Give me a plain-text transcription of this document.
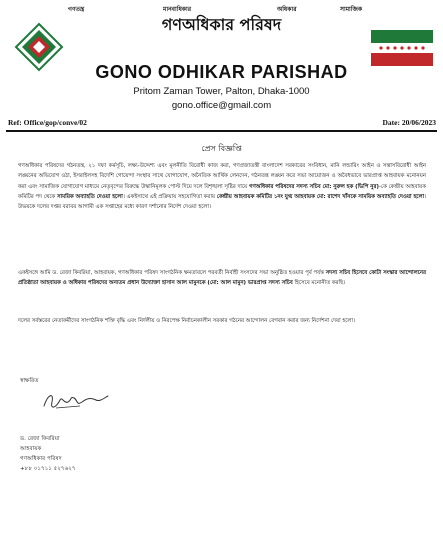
গণতন্ত্র	মানবাধিকার	অধিকার	সামাজিক
গণঅধিকার পরিষদ
GONO ODHIKAR PARISHAD
Pritom Zaman Tower, Palton, Dhaka-1000
gono.office@gmail.com
Ref: Office/gop/conve/02	Date: 20/06/2023
প্রেস বিজ্ঞপ্তি
গণঅধিকার পরিষদের গঠনতন্ত্র, ২১ দফা কর্মসূচি, লক্ষ্য-উদ্দেশ্য এবং মূলনীতি বিরোধী কাজ করা, গণপ্রজাতন্ত্রী বাংলাদেশ সরকারের সংবিধান, মানি লন্ডারিং আইন ও সন্ত্রাসবিরোধী আইন লঙ্ঘনের অভিযোগ ওঠা, ইসরাইলসহ বিদেশি গোয়েন্দা সংস্থার সাথে যোগাযোগ, অনৈতিক আর্থিক লেনদেন, গঠনতন্ত্র লঙ্ঘন করে সভা আয়োজন ও অবৈধভাবে ভারপ্রাপ্ত আহবায়ক মনোনয়ন করা এবং সামাজিক যোগাযোগ মাধ্যমে নেতৃবৃন্দের বিরুদ্ধে উস্কানিমূলক পোস্ট দিয়ে দলে বিশৃঙ্খলা সৃষ্টির দায়ে গণঅধিকার পরিষদের সদস্য সচিব মো: নুরুল হক (ভিপি নুর)-কে কেন্দ্রীয় আহবায়ক কমিটির পদ থেকে সাময়িক অব্যাহতি দেওয়া হলো। একইসাথে এই প্রক্রিয়ায় সহযোগিতা করায় কেন্দ্রীয় আহবায়ক কমিটির ১নং যুগ্ম আহবায়ক মো: রাশেদ খাঁনকে সাময়িক অব্যাহতি দেওয়া হলো। উভয়কে দলের দপ্তর বরাবর আগামী এক সপ্তাহের মধ্যে কারণ দর্শানোর নির্দেশ দেওয়া হলো।
একইসঙ্গে আমি ড. রেজা কিবরিয়া, আহবায়ক, গণঅধিকার পরিষদ সাংগঠনিক ক্ষমতাবলে পরবর্তী নির্বাহী সংসদের সভা অনুষ্ঠিত হওয়ার পূর্ব পর্যন্ত সদস্য সচিব হিসেবে কোটা সংস্কার আন্দোলনের প্রতিষ্ঠাতা আহবায়ক ও অধিকার পরিষদের অন্যতম প্রধান উদ্যোক্তা হাসান আল মামুনকে (মো: আল মামুন) ভারপ্রাপ্ত সদস্য সচিব হিসেবে মনোনীত করছি।
দলের সর্বস্তরের নেতাকর্মীদের সাংগঠনিক শক্তি বৃদ্ধি এবং নির্দলীয় ও নিরপেক্ষ নির্বাচনকালীন সরকার গঠনের আন্দোলন বেগবান করার জন্য নির্দেশনা দেয়া হলো।
স্বাক্ষরিত
ড. রেজা কিবরিয়া
আহবায়ক
গণঅধিকার পরিষদ
+৮৮ ০১৭১১ ৫২৭৬২৭
